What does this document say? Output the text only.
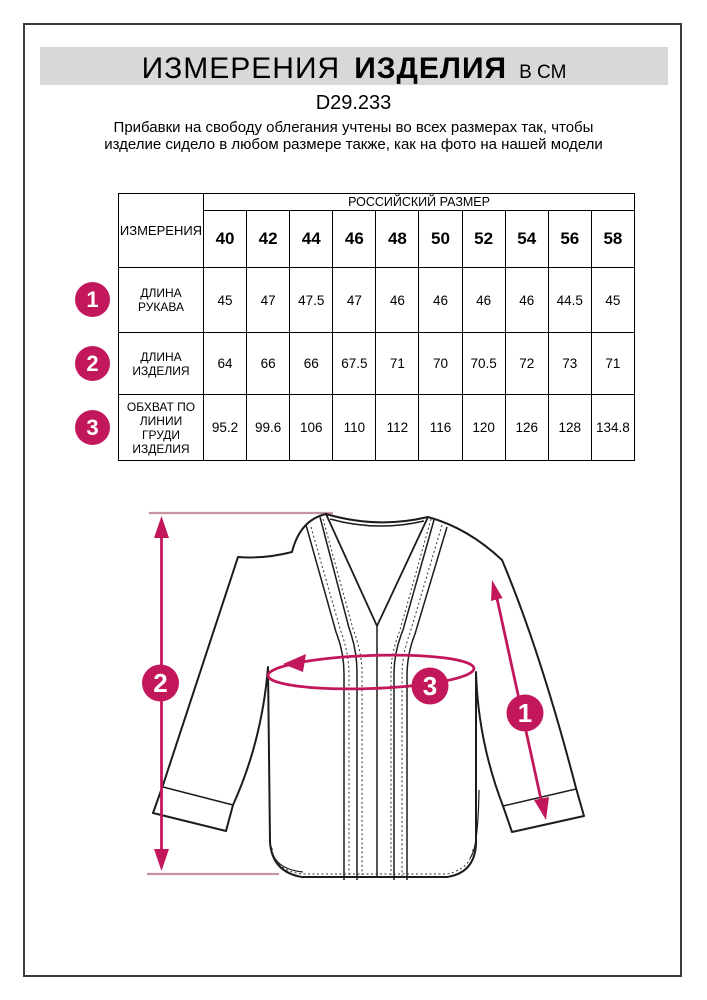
ИЗМЕРЕНИЯ ИЗДЕЛИЯ В СМ
D29.233
Прибавки на свободу облегания учтены во всех размерах так, чтобы изделие сидело в любом размере также, как на фото на нашей модели
ИЗМЕРЕНИЯ	РОССИЙСКИЙ РАЗМЕР									
	40	42	44	46	48	50	52	54	56	58
ДЛИНА РУКАВА	45	47	47.5	47	46	46	46	46	44.5	45
ДЛИНА ИЗДЕЛИЯ	64	66	66	67.5	71	70	70.5	72	73	71
ОБХВАТ ПО ЛИНИИ ГРУДИ ИЗДЕЛИЯ	95.2	99.6	106	110	112	116	120	126	128	134.8
1
2
3
1
2	3
